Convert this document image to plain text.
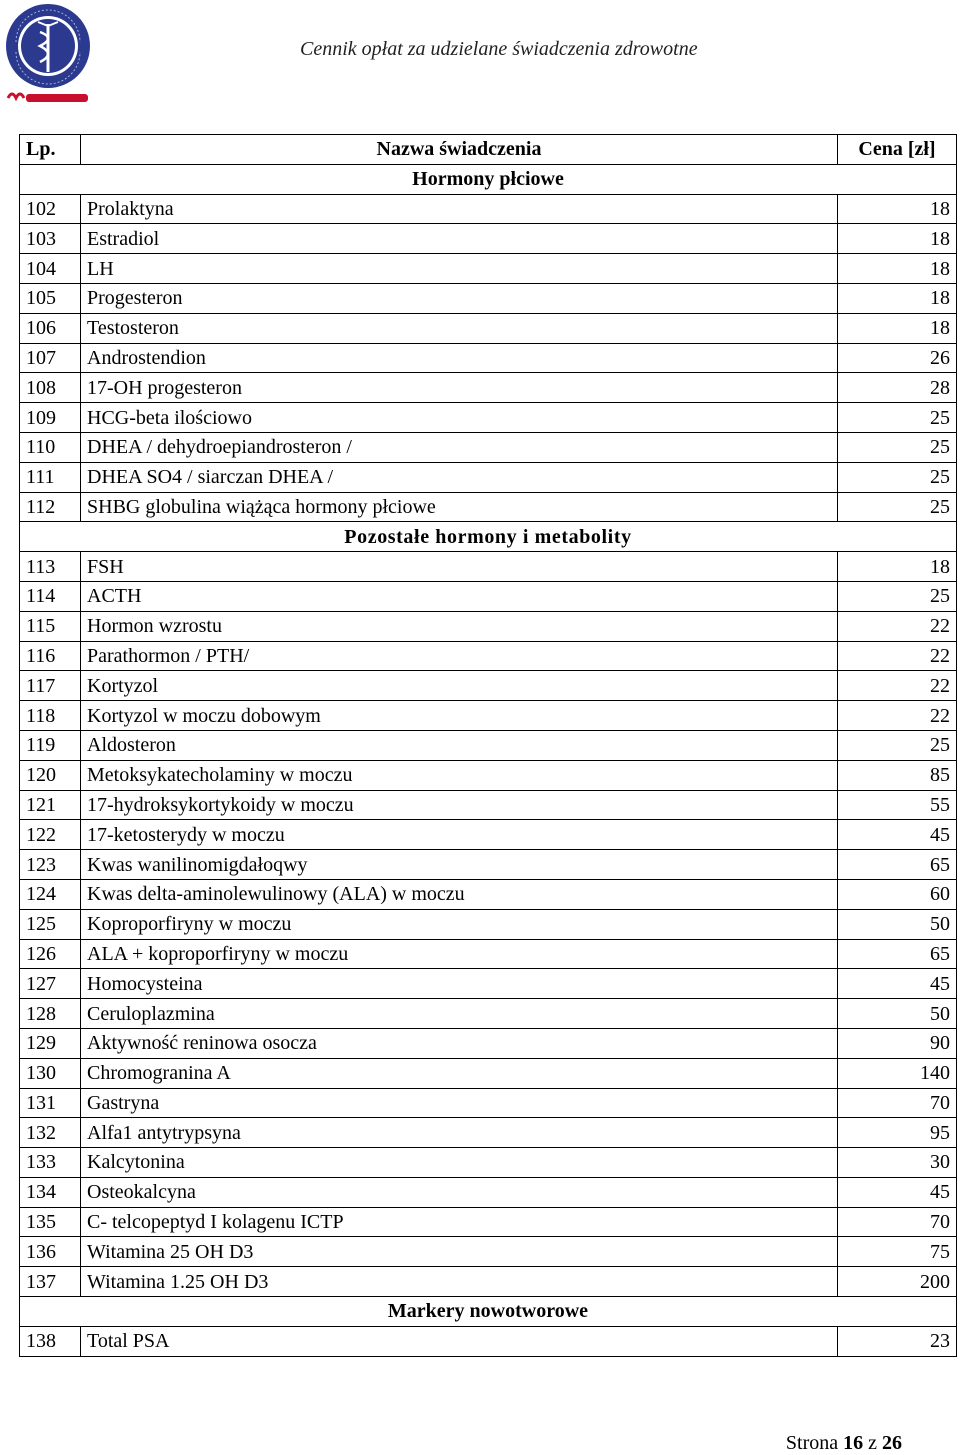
Cennik opłat za udzielane świadczenia zdrowotne
Lp.	Nazwa świadczenia	Cena [zł]
Hormony płciowe		
102	Prolaktyna	18
103	Estradiol	18
104	LH	18
105	Progesteron	18
106	Testosteron	18
107	Androstendion	26
108	17-OH progesteron	28
109	HCG-beta ilościowo	25
110	DHEA / dehydroepiandrosteron /	25
111	DHEA SO4 / siarczan DHEA /	25
112	SHBG globulina wiążąca hormony płciowe	25
Pozostałe hormony i metabolity		
113	FSH	18
114	ACTH	25
115	Hormon wzrostu	22
116	Parathormon / PTH/	22
117	Kortyzol	22
118	Kortyzol w moczu dobowym	22
119	Aldosteron	25
120	Metoksykatecholaminy w moczu	85
121	17-hydroksykortykoidy w moczu	55
122	17-ketosterydy w moczu	45
123	Kwas wanilinomigdałoqwy	65
124	Kwas delta-aminolewulinowy (ALA) w moczu	60
125	Koproporfiryny w moczu	50
126	ALA + koproporfiryny w moczu	65
127	Homocysteina	45
128	Ceruloplazmina	50
129	Aktywność reninowa osocza	90
130	Chromogranina A	140
131	Gastryna	70
132	Alfa1 antytrypsyna	95
133	Kalcytonina	30
134	Osteokalcyna	45
135	C- telcopeptyd I kolagenu ICTP	70
136	Witamina 25 OH D3	75
137	Witamina 1.25 OH D3	200
Markery nowotworowe		
138	Total PSA	23
Strona 16 z 26
